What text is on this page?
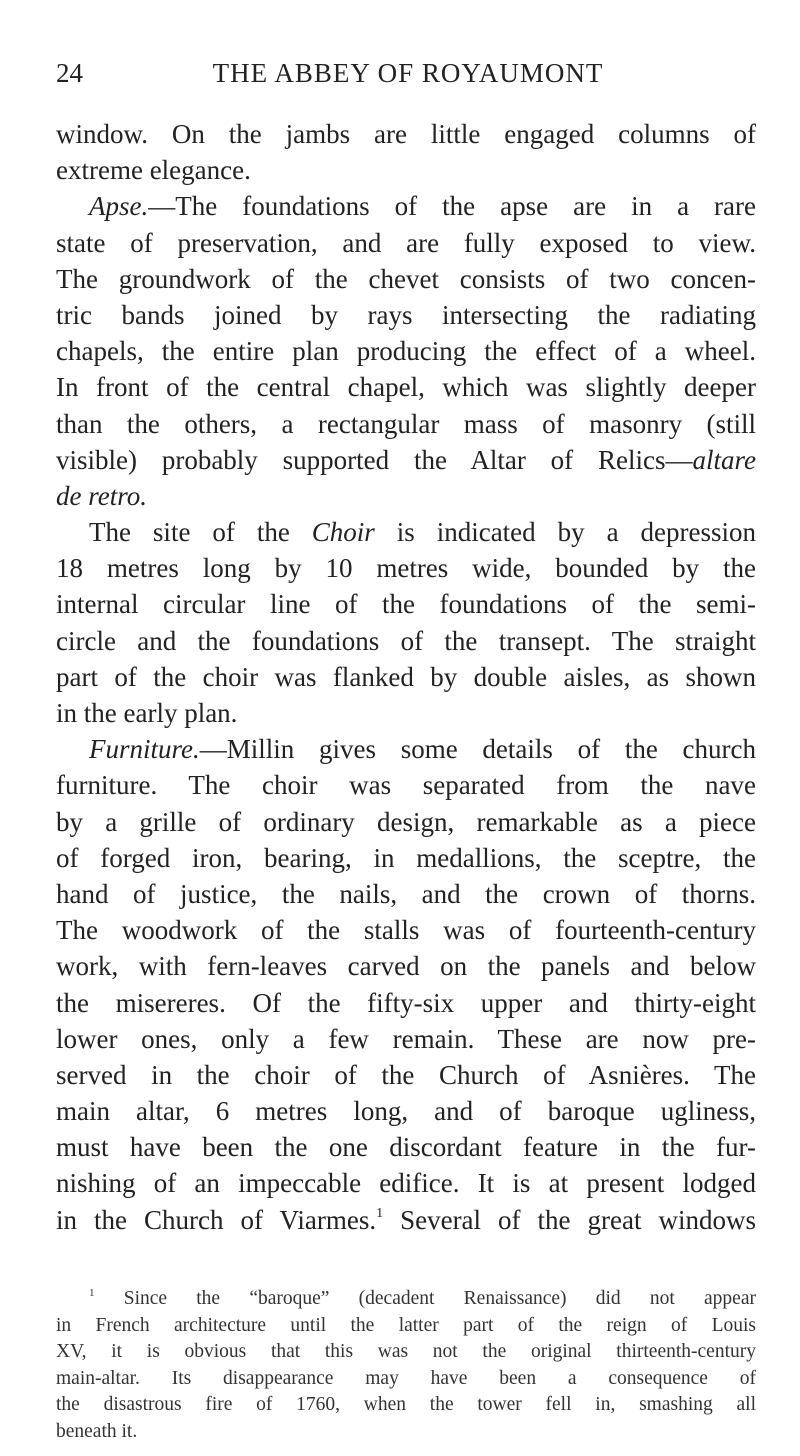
24	THE ABBEY OF ROYAUMONT
window. On the jambs are little engaged columns of
extreme elegance.
Apse.—The foundations of the apse are in a rare
state of preservation, and are fully exposed to view.
The groundwork of the chevet consists of two concen-
tric bands joined by rays intersecting the radiating
chapels, the entire plan producing the effect of a wheel.
In front of the central chapel, which was slightly deeper
than the others, a rectangular mass of masonry (still
visible) probably supported the Altar of Relics—altare
de retro.
The site of the Choir is indicated by a depression
18 metres long by 10 metres wide, bounded by the
internal circular line of the foundations of the semi-
circle and the foundations of the transept. The straight
part of the choir was flanked by double aisles, as shown
in the early plan.
Furniture.—Millin gives some details of the church
furniture. The choir was separated from the nave
by a grille of ordinary design, remarkable as a piece
of forged iron, bearing, in medallions, the sceptre, the
hand of justice, the nails, and the crown of thorns.
The woodwork of the stalls was of fourteenth-century
work, with fern-leaves carved on the panels and below
the misereres. Of the fifty-six upper and thirty-eight
lower ones, only a few remain. These are now pre-
served in the choir of the Church of Asnières. The
main altar, 6 metres long, and of baroque ugliness,
must have been the one discordant feature in the fur-
nishing of an impeccable edifice. It is at present lodged
in the Church of Viarmes.$^1$ Several of the great windows
$^1$ Since the “baroque” (decadent Renaissance) did not appear
in French architecture until the latter part of the reign of Louis
XV, it is obvious that this was not the original thirteenth-century
main-altar. Its disappearance may have been a consequence of
the disastrous fire of 1760, when the tower fell in, smashing all
beneath it.
